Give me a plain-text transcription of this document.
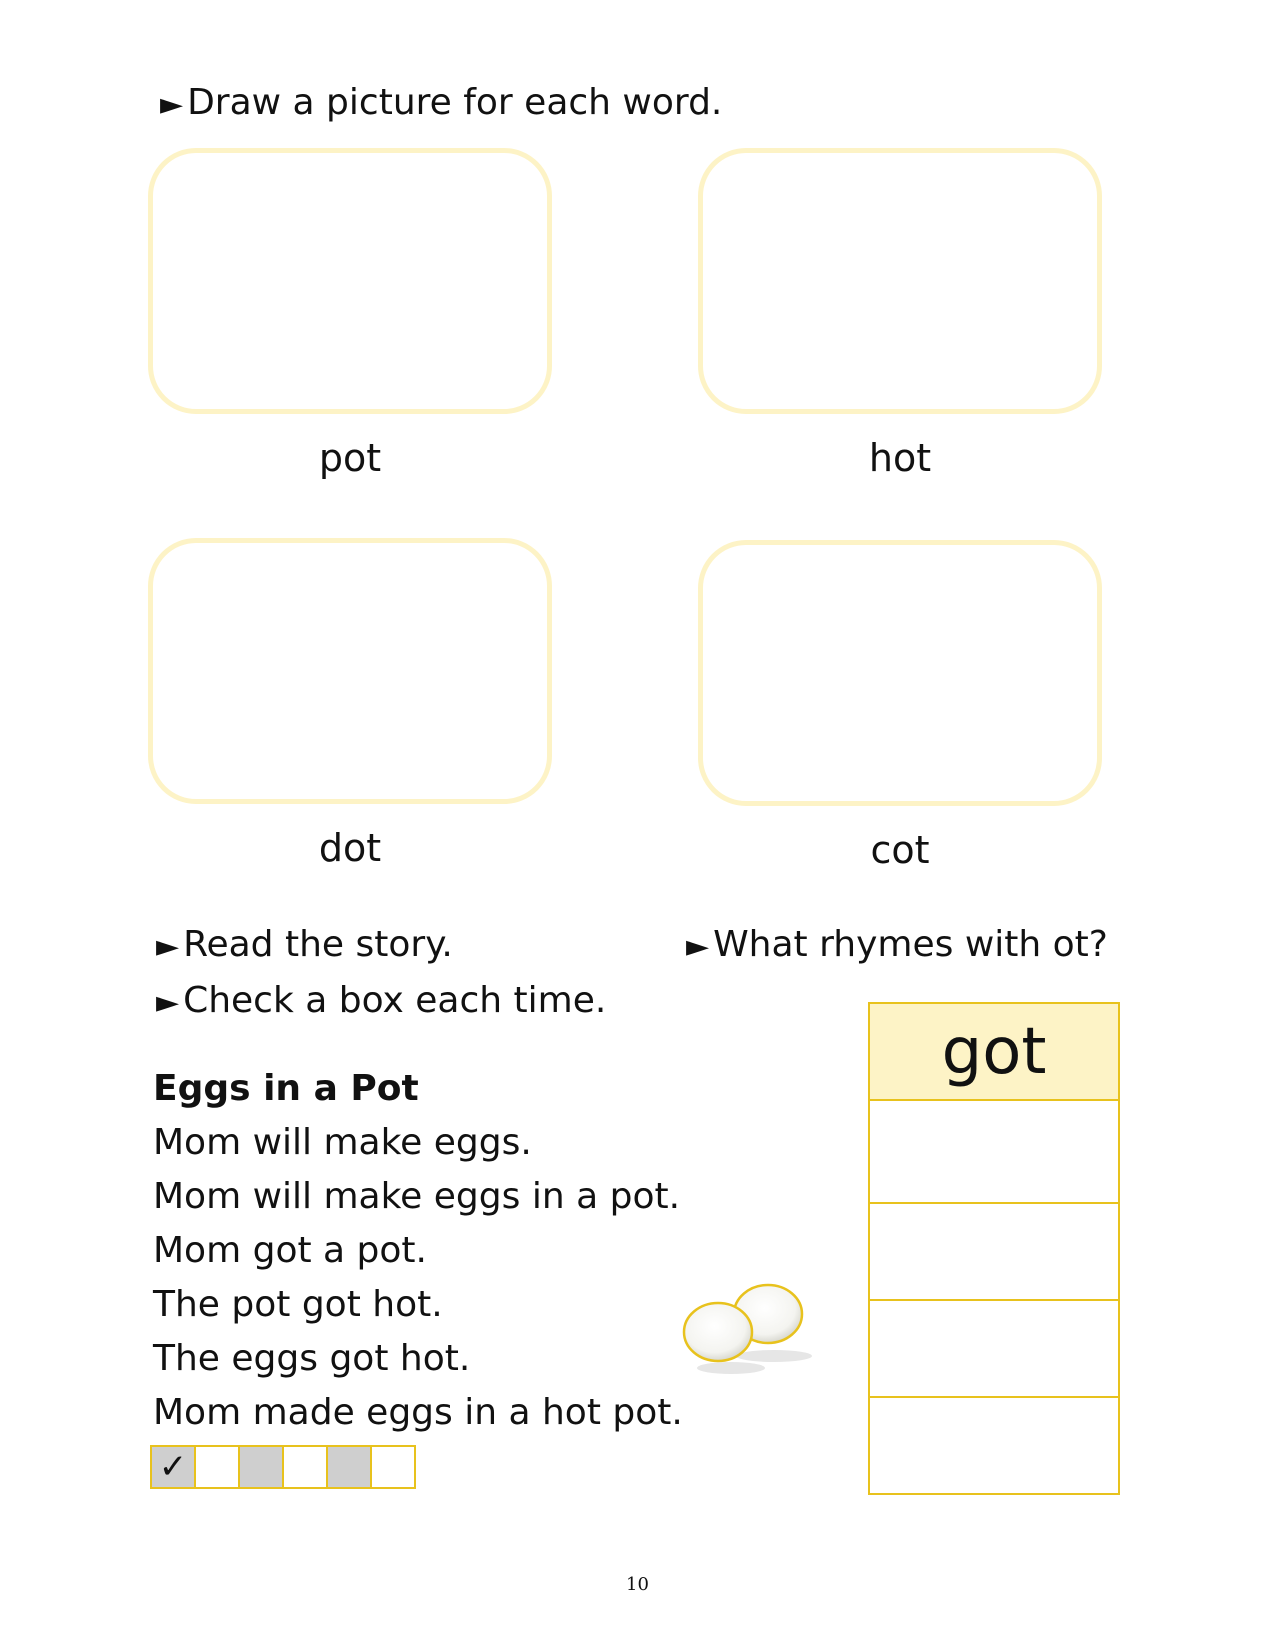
► Draw a picture for each word.
pot	hot
dot	cot
► Read the story.
► Check a box each time.
► What rhymes with ot?
Eggs in a Pot
Mom will make eggs.
Mom will make eggs in a pot.
Mom got a pot.
The pot got hot.
The eggs got hot.
Mom made eggs in a hot pot.
✓
got
10
